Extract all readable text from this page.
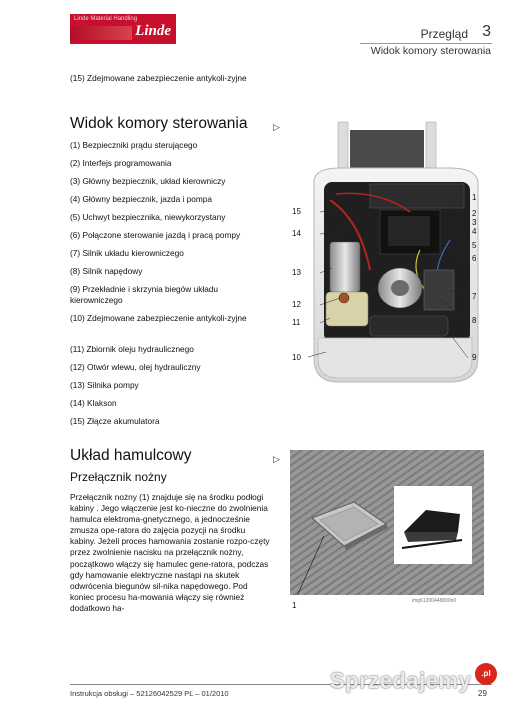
Linde Material Handling
Linde	Przegląd 3
Widok komory sterowania
(15) Zdejmowane zabezpieczenie antykoli-zyjne
Widok komory sterowania	▷
(1) Bezpieczniki prądu sterującego
(2) Interfejs programowania
(3) Główny bezpiecznik, układ kierowniczy
(4) Główny bezpiecznik, jazda i pompa
(5) Uchwyt bezpiecznika, niewykorzystany
(6) Połączone sterowanie jazdą i pracą pompy
(7) Silnik układu kierowniczego
(8) Silnik napędowy
(9) Przekładnie i skrzynia biegów układu kierowniczego
(10) Zdejmowane zabezpieczenie antykoli-zyjne
(11) Zbiornik oleju hydraulicznego
(12) Otwór wlewu, olej hydrauliczny
(13) Silnika pompy
(14) Klakson
(15) Złącze akumulatora
1
2
3
4
5
6
7
8
9
10
11
12
13
14
15
Układ hamulcowy	▷
Przełącznik nożny
Przełącznik nożny (1) znajduje się na środku podłogi kabiny . Jego włączenie jest ko-nieczne do zwolnienia hamulca elektroma-gnetycznego, a jednocześnie zmusza ope-ratora do zajęcia pozycji na środku kabiny. Jeżeli proces hamowania zostanie rozpo-częty przez zwolnienie nacisku na przełącznik nożny, początkowo włączy się hamulec gene-ratora, podczas gdy hamowanie elektryczne nastąpi na skutek odwrócenia biegunów sil-nika napędowego. Pod koniec procesu ha-mowania włączy się również dodatkowo ha-
img61200448800n0
1
Instrukcja obsługi – 52126042529 PL – 01/2010	29
Sprzedajemy	.pl
